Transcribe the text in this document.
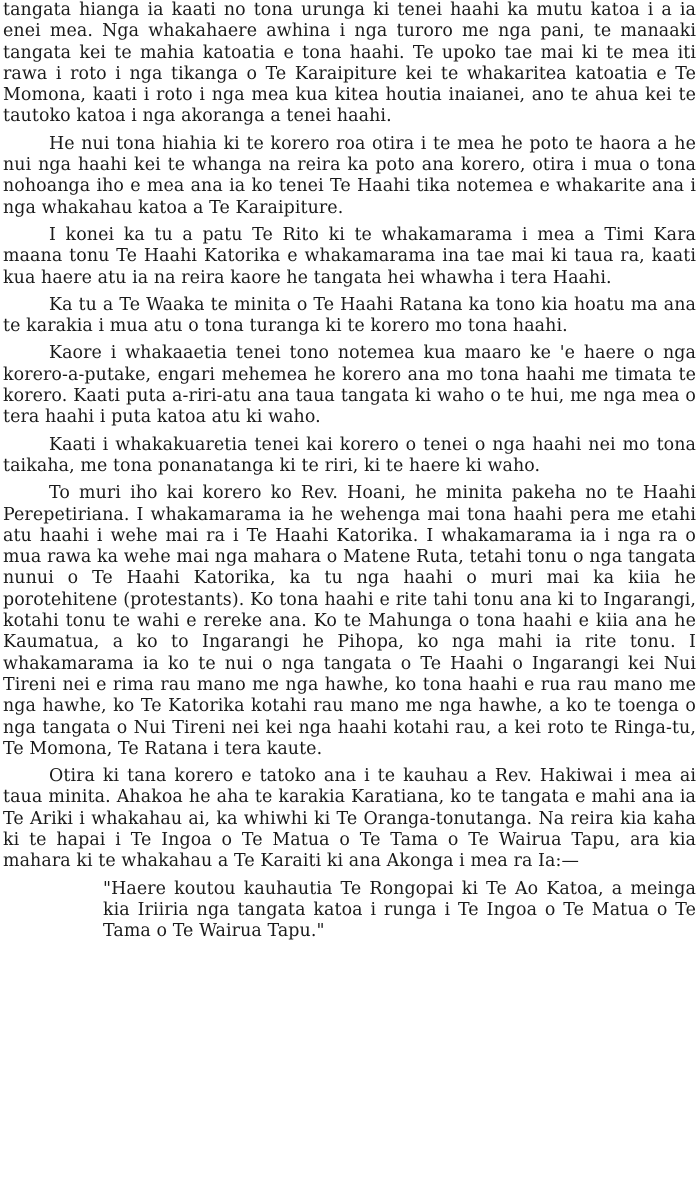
tangata hianga ia kaati no tona urunga ki tenei haahi ka mutu katoa i a ia enei mea. Nga whakahaere awhina i nga turoro me nga pani, te manaaki tangata kei te mahia katoatia e tona haahi. Te upoko tae mai ki te mea iti rawa i roto i nga tikanga o Te Karaipiture kei te whakaritea katoatia e Te Momona, kaati i roto i nga mea kua kitea houtia inaianei, ano te ahua kei te tautoko katoa i nga akoranga a tenei haahi.

He nui tona hiahia ki te korero roa otira i te mea he poto te haora a he nui nga haahi kei te whanga na reira ka poto ana korero, otira i mua o tona nohoanga iho e mea ana ia ko tenei Te Haahi tika notemea e whakarite ana i nga whakahau katoa a Te Karaipiture.

I konei ka tu a patu Te Rito ki te whakamarama i mea a Timi Kara maana tonu Te Haahi Katorika e whakamarama ina tae mai ki taua ra, kaati kua haere atu ia na reira kaore he tangata hei whawha i tera Haahi.

Ka tu a Te Waaka te minita o Te Haahi Ratana ka tono kia hoatu ma ana te karakia i mua atu o tona turanga ki te korero mo tona haahi.

Kaore i whakaaetia tenei tono notemea kua maaro ke 'e haere o nga korero-a-putake, engari mehemea he korero ana mo tona haahi me timata te korero. Kaati puta a-riri-atu ana taua tangata ki waho o te hui, me nga mea o tera haahi i puta katoa atu ki waho.

Kaati i whakakuaretia tenei kai korero o tenei o nga haahi nei mo tona taikaha, me tona ponanatanga ki te riri, ki te haere ki waho.

To muri iho kai korero ko Rev. Hoani, he minita pakeha no te Haahi Perepetiriana. I whakamarama ia he wehenga mai tona haahi pera me etahi atu haahi i wehe mai ra i Te Haahi Katorika. I whakamarama ia i nga ra o mua rawa ka wehe mai nga mahara o Matene Ruta, tetahi tonu o nga tangata nunui o Te Haahi Katorika, ka tu nga haahi o muri mai ka kiia he porotehitene (protestants). Ko tona haahi e rite tahi tonu ana ki to Ingarangi, kotahi tonu te wahi e rereke ana. Ko te Mahunga o tona haahi e kiia ana he Kaumatua, a ko to Ingarangi he Pihopa, ko nga mahi ia rite tonu. I whakamarama ia ko te nui o nga tangata o Te Haahi o Ingarangi kei Nui Tireni nei e rima rau mano me nga hawhe, ko tona haahi e rua rau mano me nga hawhe, ko Te Katorika kotahi rau mano me nga hawhe, a ko te toenga o nga tangata o Nui Tireni nei kei nga haahi kotahi rau, a kei roto te Ringa-tu, Te Momona, Te Ratana i tera kaute.

Otira ki tana korero e tatoko ana i te kauhau a Rev. Hakiwai i mea ai taua minita. Ahakoa he aha te karakia Karatiana, ko te tangata e mahi ana ia Te Ariki i whakahau ai, ka whiwhi ki Te Oranga-tonutanga. Na reira kia kaha ki te hapai i Te Ingoa o Te Matua o Te Tama o Te Wairua Tapu, ara kia mahara ki te whakahau a Te Karaiti ki ana Akonga i mea ra Ia:—

"Haere koutou kauhautia Te Rongopai ki Te Ao Katoa, a meinga kia Iriiria nga tangata katoa i runga i Te Ingoa o Te Matua o Te Tama o Te Wairua Tapu."
